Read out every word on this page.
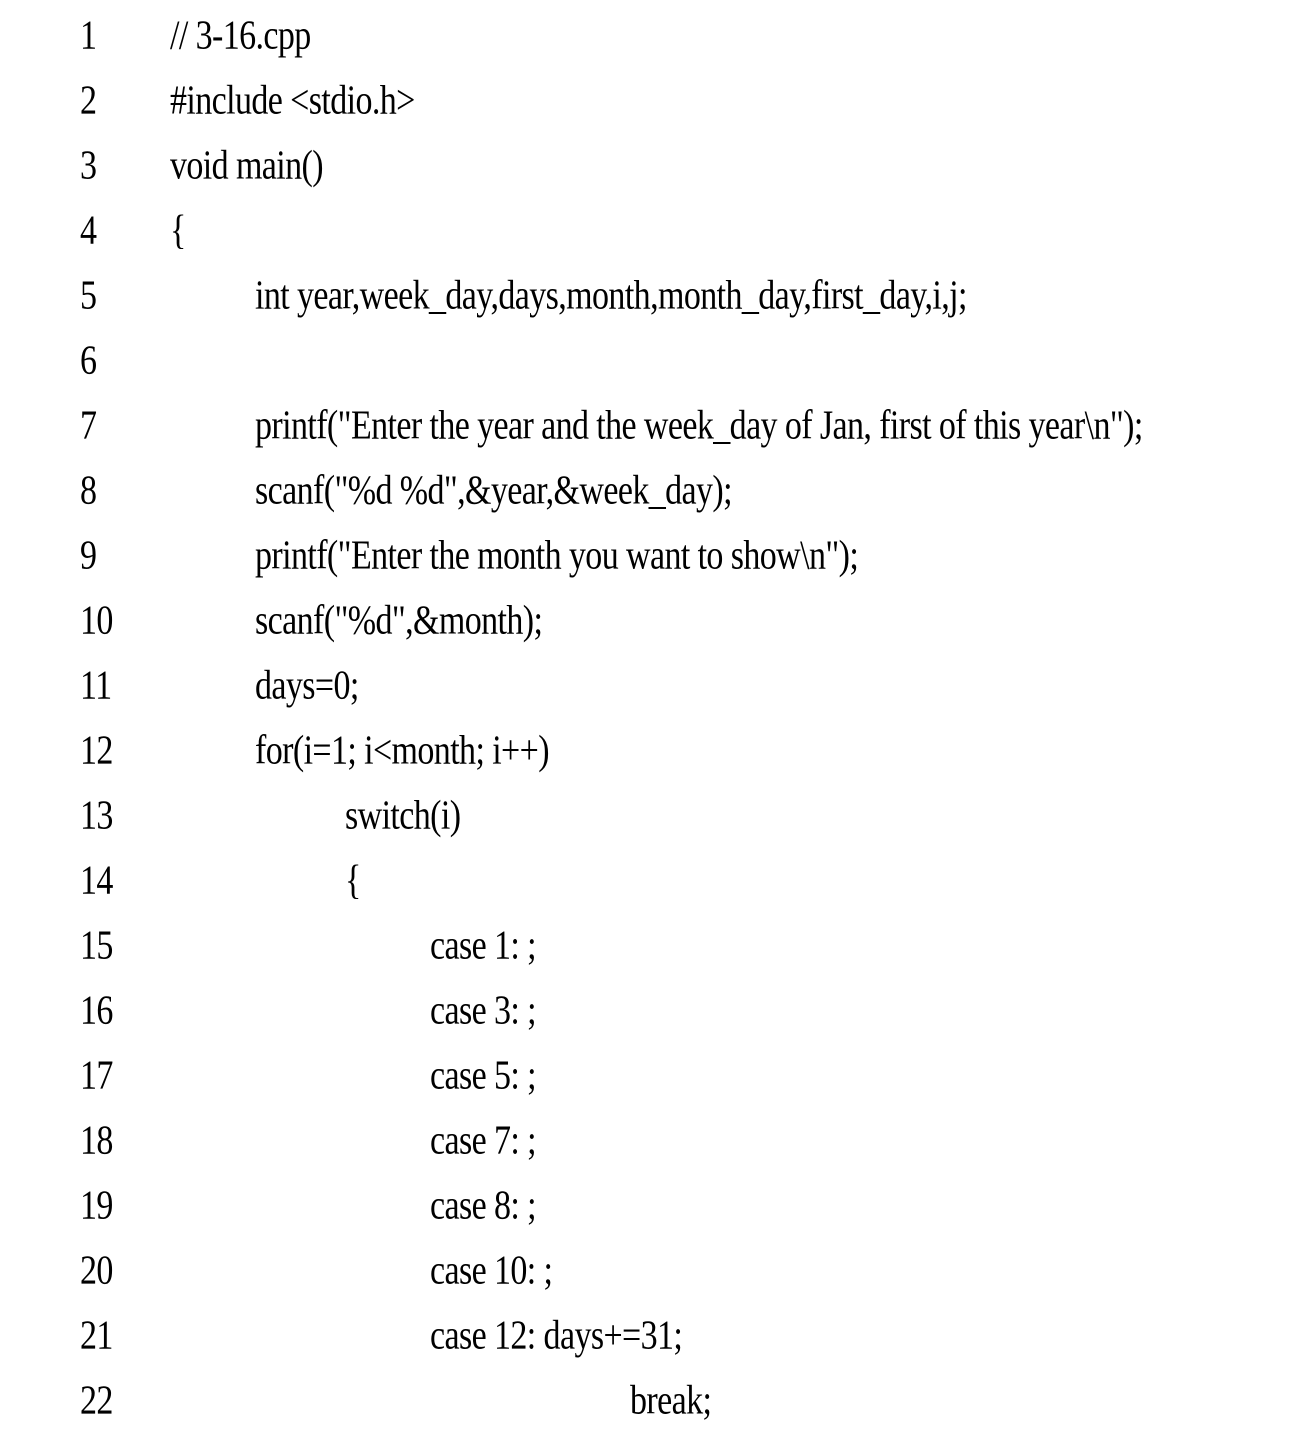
1	// 3-16.cpp
2	#include <stdio.h>
3	void main()
4	{
5	int year,week_day,days,month,month_day,first_day,i,j;
6
7	printf("Enter the year and the week_day of Jan, first of this year\n");
8	scanf("%d %d",&year,&week_day);
9	printf("Enter the month you want to show\n");
10	scanf("%d",&month);
11	days=0;
12	for(i=1; i<month; i++)
13	switch(i)
14	{
15	case 1: ;
16	case 3: ;
17	case 5: ;
18	case 7: ;
19	case 8: ;
20	case 10: ;
21	case 12: days+=31;
22	break;
